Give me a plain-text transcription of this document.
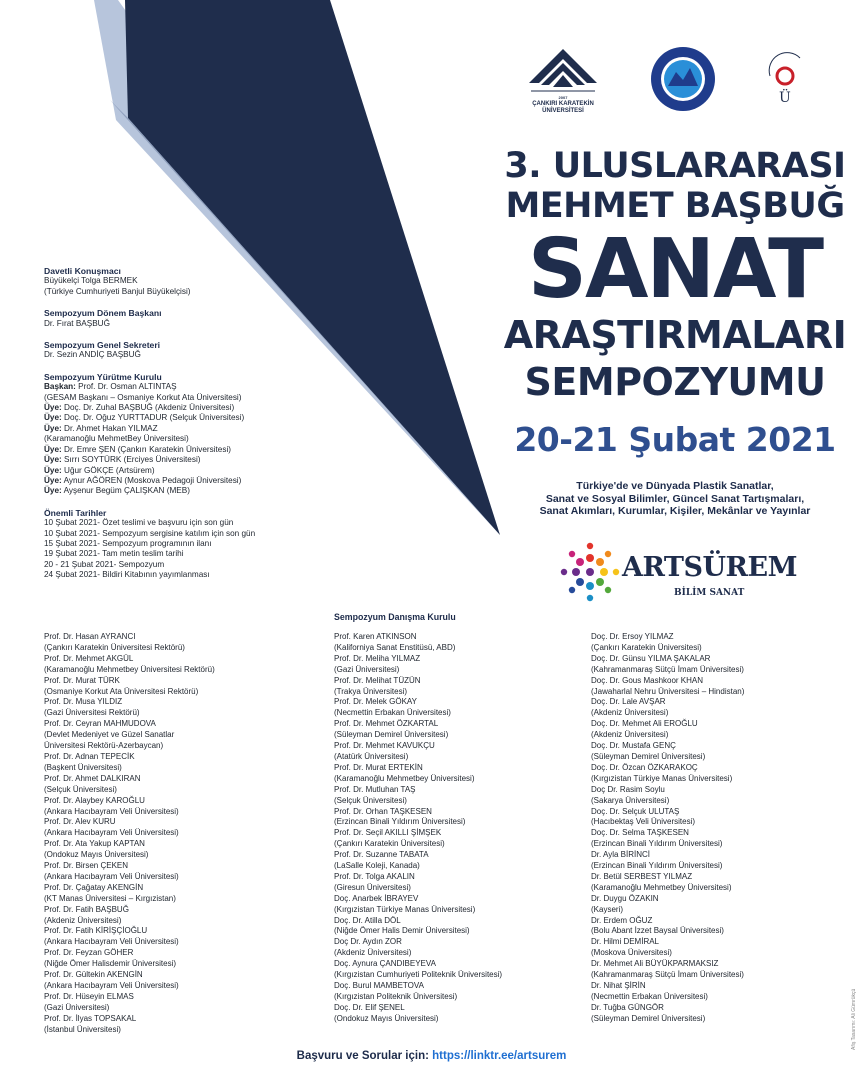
2007
ÇANKIRI KARATEKİN ÜNİVERSİTESİ
Ü
3. ULUSLARARASI
MEHMET BAŞBUĞ
SANAT
ARAŞTIRMALARI
SEMPOZYUMU
20-21 Şubat 2021
Türkiye'de ve Dünyada Plastik Sanatlar,
Sanat ve Sosyal Bilimler, Güncel Sanat Tartışmaları,
Sanat Akımları, Kurumlar, Kişiler, Mekânlar ve Yayınlar
ARTSÜREM
BİLİM SANAT
Davetli Konuşmacı
Büyükelçi Tolga BERMEK
(Türkiye Cumhuriyeti Banjul Büyükelçisi)
Sempozyum Dönem Başkanı
Dr. Fırat BAŞBUĞ
Sempozyum Genel Sekreteri
Dr. Sezin ANDİÇ BAŞBUĞ
Sempozyum Yürütme Kurulu
Başkan: Prof. Dr. Osman ALTINTAŞ
(GESAM Başkanı – Osmaniye Korkut Ata Üniversitesi)
Üye: Doç. Dr. Zuhal BAŞBUĞ (Akdeniz Üniversitesi)
Üye: Doç. Dr. Oğuz YURTTADUR (Selçuk Üniversitesi)
Üye: Dr. Ahmet Hakan YILMAZ
(Karamanoğlu MehmetBey Üniversitesi)
Üye: Dr. Emre ŞEN (Çankırı Karatekin Üniversitesi)
Üye: Sırrı SOYTÜRK (Erciyes Üniversitesi)
Üye: Uğur GÖKÇE (Artsürem)
Üye: Aynur AĞÖREN (Moskova Pedagoji Üniversitesi)
Üye: Ayşenur Begüm ÇALIŞKAN (MEB)
Önemli Tarihler
10 Şubat 2021- Özet teslimi ve başvuru için son gün
10 Şubat 2021- Sempozyum sergisine katılım için son gün
15 Şubat 2021- Sempozyum programının ilanı
19 Şubat 2021- Tam metin teslim tarihi
20 - 21 Şubat 2021- Sempozyum
24 Şubat 2021- Bildiri Kitabının yayımlanması
Sempozyum Danışma Kurulu
Prof. Dr. Hasan AYRANCI
(Çankırı Karatekin Üniversitesi Rektörü)
Prof. Dr. Mehmet AKGÜL
(Karamanoğlu Mehmetbey Üniversitesi Rektörü)
Prof. Dr. Murat TÜRK
(Osmaniye Korkut Ata Üniversitesi Rektörü)
Prof. Dr. Musa YILDIZ
(Gazi Üniversitesi Rektörü)
Prof. Dr. Ceyran MAHMUDOVA
(Devlet Medeniyet ve Güzel Sanatlar
Üniversitesi Rektörü-Azerbaycan)
Prof. Dr. Adnan TEPECİK
(Başkent Üniversitesi)
Prof. Dr. Ahmet DALKIRAN
(Selçuk Üniversitesi)
Prof. Dr. Alaybey KAROĞLU
(Ankara Hacıbayram Veli Üniversitesi)
Prof. Dr. Alev KURU
(Ankara Hacıbayram Veli Üniversitesi)
Prof. Dr. Ata Yakup KAPTAN
(Ondokuz Mayıs Üniversitesi)
Prof. Dr. Birsen ÇEKEN
(Ankara Hacıbayram Veli Üniversitesi)
Prof. Dr. Çağatay AKENGİN
(KT Manas Üniversitesi – Kırgızistan)
Prof. Dr. Fatih BAŞBUĞ
(Akdeniz Üniversitesi)
Prof. Dr. Fatih KİRİŞÇİOĞLU
(Ankara Hacıbayram Veli Üniversitesi)
Prof. Dr. Feyzan GÖHER
(Niğde Ömer Halisdemir Üniversitesi)
Prof. Dr. Gültekin AKENGİN
(Ankara Hacıbayram Veli Üniversitesi)
Prof. Dr. Hüseyin ELMAS
(Gazi Üniversitesi)
Prof. Dr. İlyas TOPSAKAL
(İstanbul Üniversitesi)
Prof. Karen ATKINSON
(Kaliforniya Sanat Enstitüsü, ABD)
Prof. Dr. Meliha YILMAZ
(Gazi Üniversitesi)
Prof. Dr. Melihat TÜZÜN
(Trakya Üniversitesi)
Prof. Dr. Melek GÖKAY
(Necmettin Erbakan Üniversitesi)
Prof. Dr. Mehmet ÖZKARTAL
(Süleyman Demirel Üniversitesi)
Prof. Dr. Mehmet KAVUKÇU
(Atatürk Üniversitesi)
Prof. Dr. Murat ERTEKİN
(Karamanoğlu Mehmetbey Üniversitesi)
Prof. Dr. Mutluhan TAŞ
(Selçuk Üniversitesi)
Prof. Dr. Orhan TAŞKESEN
(Erzincan Binali Yıldırım Üniversitesi)
Prof. Dr. Seçil AKILLI ŞİMŞEK
(Çankırı Karatekin Üniversitesi)
Prof. Dr. Suzanne TABATA
(LaSalle Koleji, Kanada)
Prof. Dr. Tolga AKALIN
(Giresun Üniversitesi)
Doç. Anarbek İBRAYEV
(Kırgızistan Türkiye Manas Üniversitesi)
Doç. Dr. Atilla DÖL
(Niğde Ömer Halis Demir Üniversitesi)
Doç Dr. Aydın ZOR
(Akdeniz Üniversitesi)
Doç. Aynura ÇANDIBEYEVA
(Kırgızistan Cumhuriyeti Politeknik Üniversitesi)
Doç. Burul MAMBETOVA
(Kırgızistan Politeknik Üniversitesi)
Doç. Dr. Elif ŞENEL
(Ondokuz Mayıs Üniversitesi)
Doç. Dr. Ersoy YILMAZ
(Çankırı Karatekin Üniversitesi)
Doç. Dr. Günsu YILMA ŞAKALAR
(Kahramanmaraş Sütçü İmam Üniversitesi)
Doç. Dr. Gous Mashkoor KHAN
(Jawaharlal Nehru Üniversitesi – Hindistan)
Doç. Dr. Lale AVŞAR
(Akdeniz Üniversitesi)
Doç. Dr. Mehmet Ali EROĞLU
(Akdeniz Üniversitesi)
Doç. Dr. Mustafa GENÇ
(Süleyman Demirel Üniversitesi)
Doç. Dr. Özcan ÖZKARAKOÇ
(Kırgızistan Türkiye Manas Üniversitesi)
Doç Dr. Rasim Soylu
(Sakarya Üniversitesi)
Doç. Dr. Selçuk ULUTAŞ
(Hacıbektaş Veli Üniversitesi)
Doç. Dr. Selma TAŞKESEN
(Erzincan Binali Yıldırım Üniversitesi)
Dr. Ayla BİRİNCİ
(Erzincan Binali Yıldırım Üniversitesi)
Dr. Betül SERBEST YILMAZ
(Karamanoğlu Mehmetbey Üniversitesi)
Dr. Duygu ÖZAKIN
(Kayseri)
Dr. Erdem OĞUZ
(Bolu Abant İzzet Baysal Üniversitesi)
Dr. Hilmi DEMİRAL
(Moskova Üniversitesi)
Dr. Mehmet Ali BÜYÜKPARMAKSIZ
(Kahramanmaraş Sütçü İmam Üniversitesi)
Dr. Nihat ŞİRİN
(Necmettin Erbakan Üniversitesi)
Dr. Tuğba GÜNGÖR
(Süleyman Demirel Üniversitesi)
Başvuru ve Sorular için: https://linktr.ee/artsurem
Afiş Tasarımı: Ali Gümrükçü
